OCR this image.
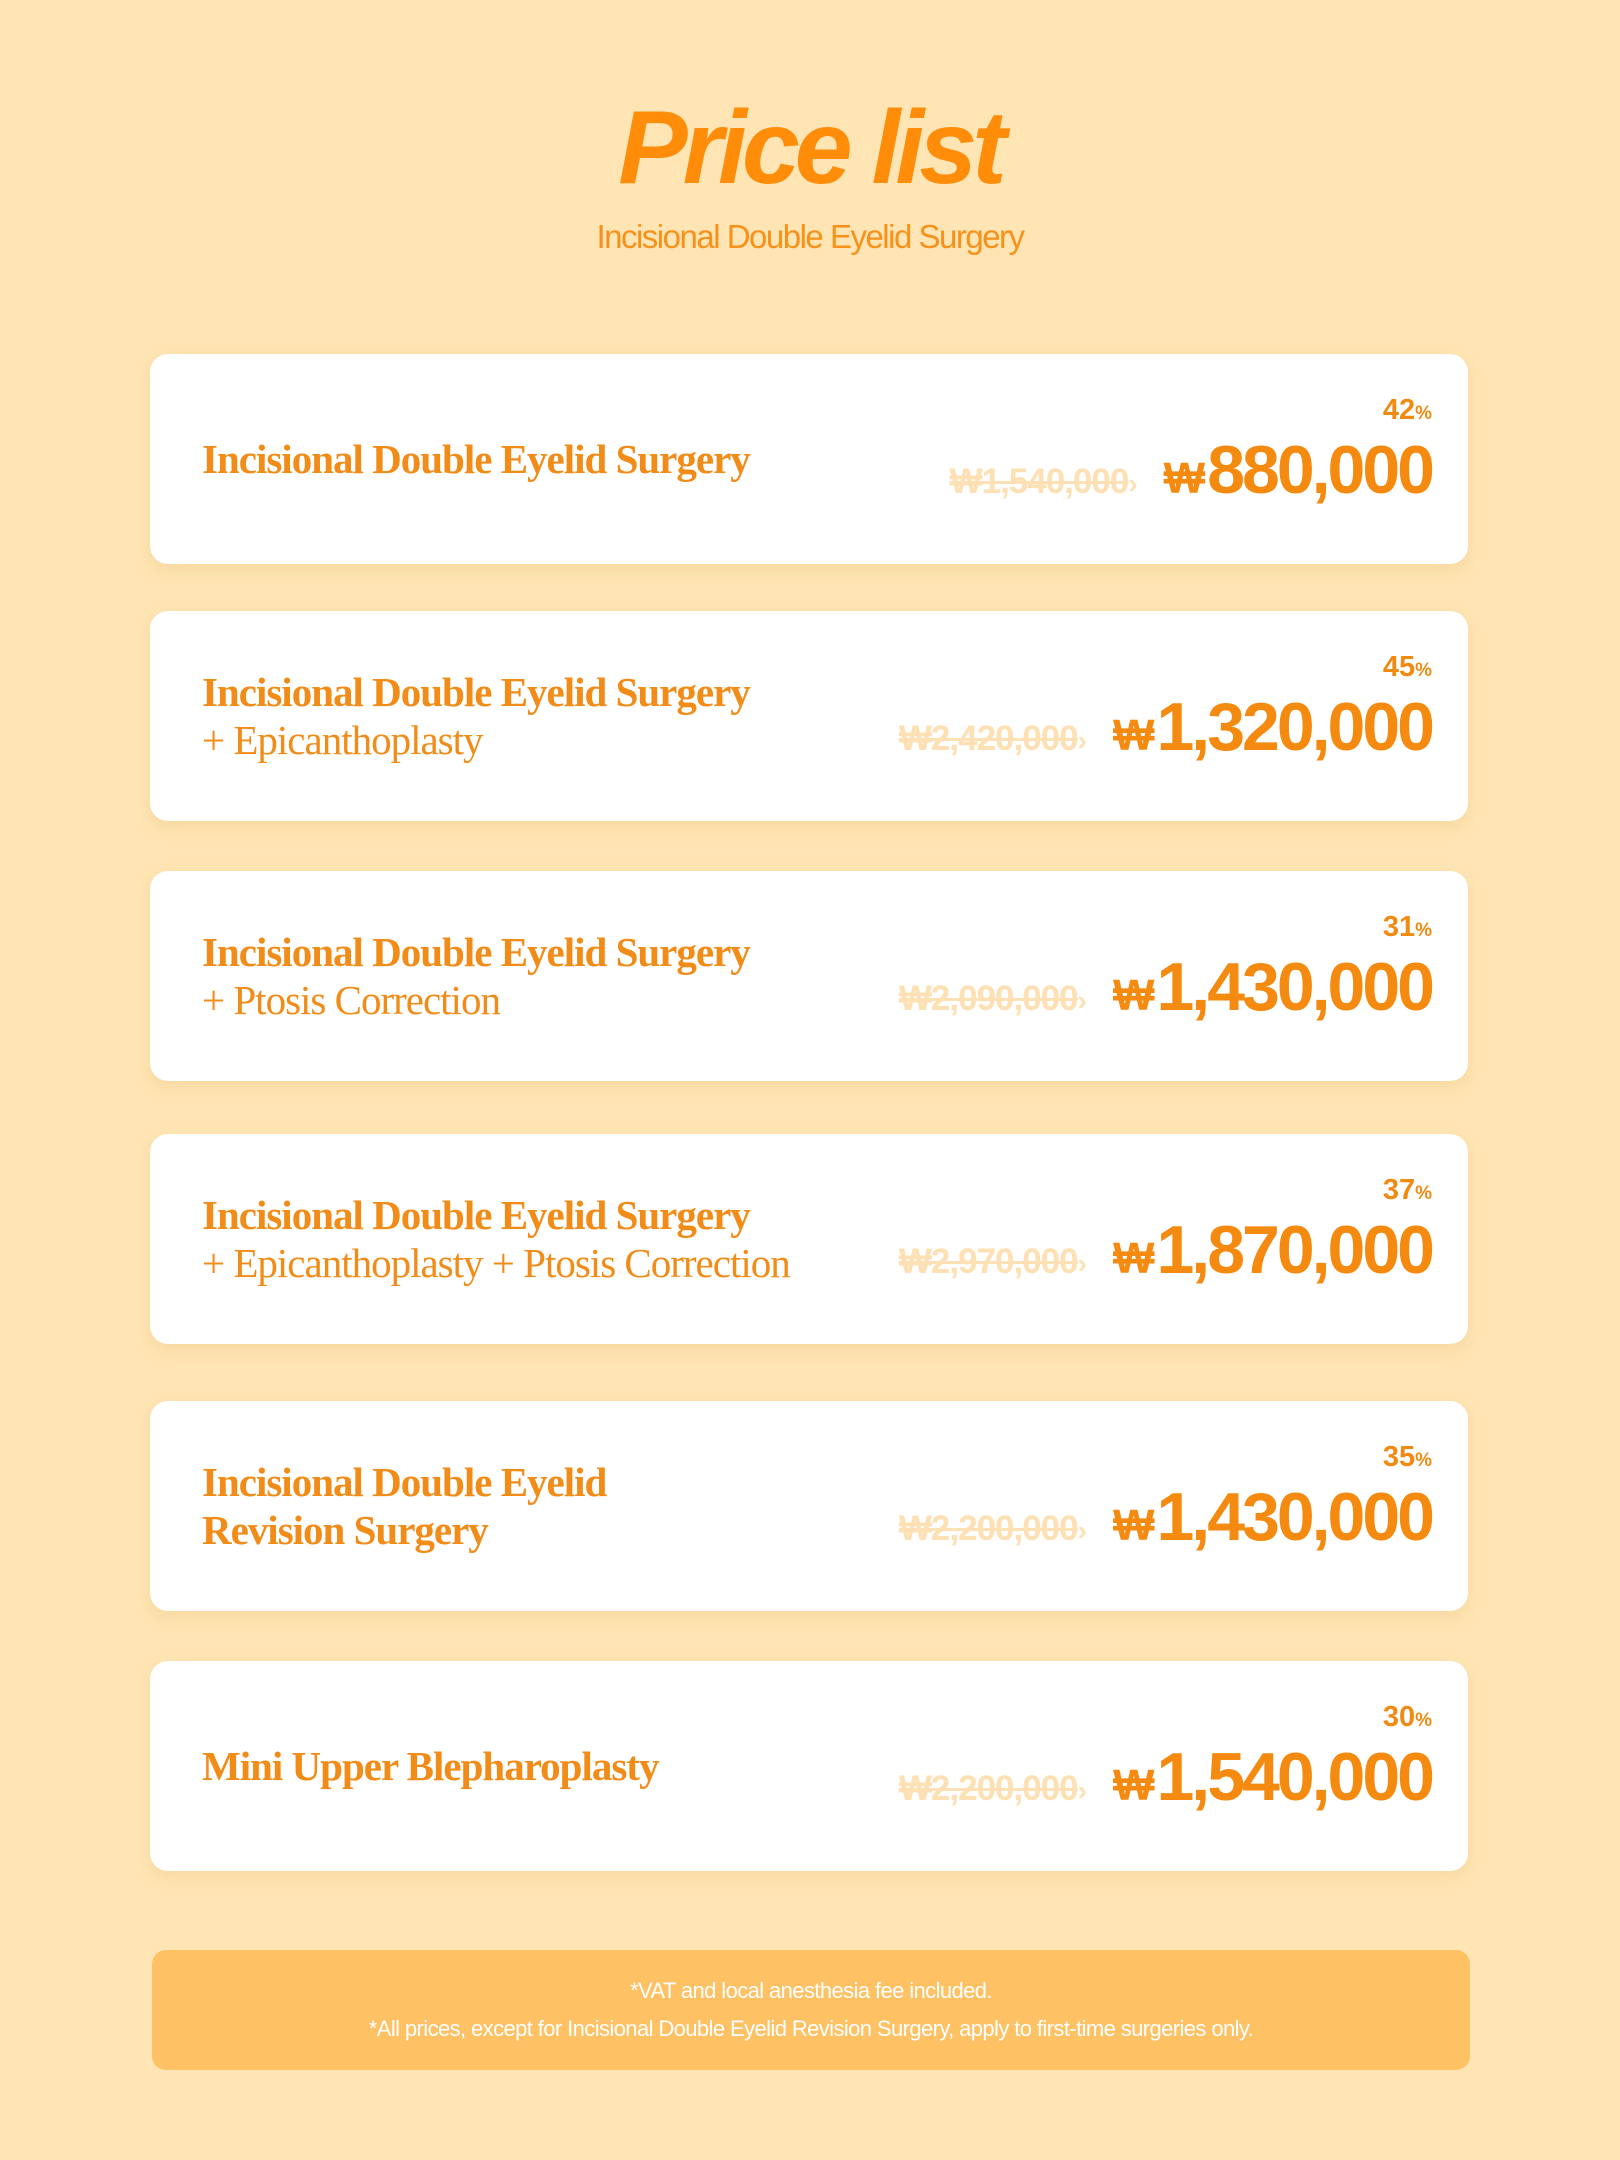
Price list
Incisional Double Eyelid Surgery
Incisional Double Eyelid Surgery
42%
₩1,540,000 › ₩880,000
Incisional Double Eyelid Surgery
+ Epicanthoplasty
45%
₩2,420,000 › ₩1,320,000
Incisional Double Eyelid Surgery
+ Ptosis Correction
31%
₩2,090,000 › ₩1,430,000
Incisional Double Eyelid Surgery
+ Epicanthoplasty + Ptosis Correction
37%
₩2,970,000 › ₩1,870,000
Incisional Double Eyelid
Revision Surgery
35%
₩2,200,000 › ₩1,430,000
Mini Upper Blepharoplasty
30%
₩2,200,000 › ₩1,540,000
*VAT and local anesthesia fee included.
*All prices, except for Incisional Double Eyelid Revision Surgery, apply to first-time surgeries only.
